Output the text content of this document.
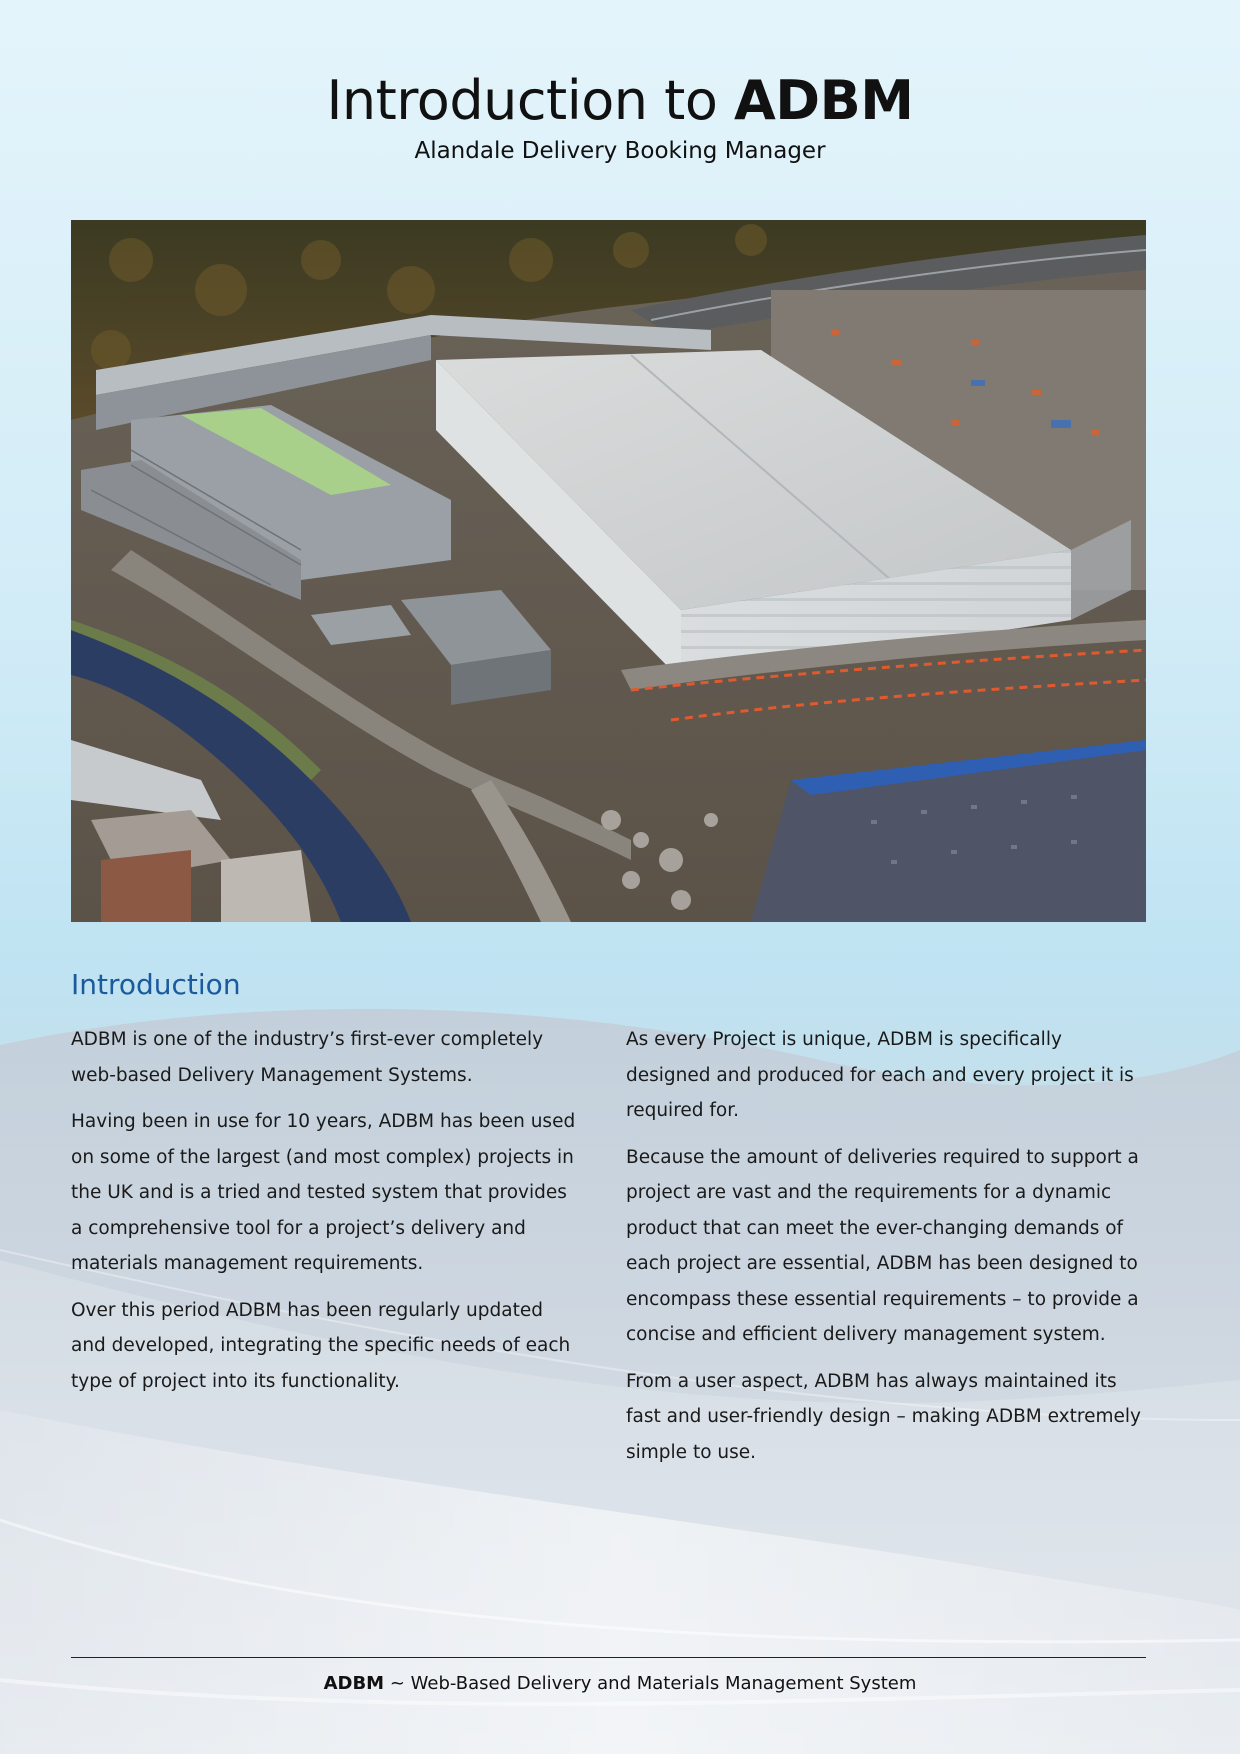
Introduction to ADBM
Alandale Delivery Booking Manager
Introduction

ADBM is one of the industry’s first-ever completely web-based Delivery Management Systems.

Having been in use for 10 years, ADBM has been used on some of the largest (and most complex) projects in the UK and is a tried and tested system that provides a comprehensive tool for a project’s delivery and materials management requirements.

Over this period ADBM has been regularly updated and developed, integrating the specific needs of each type of project into its functionality.

As every Project is unique, ADBM is specifically designed and produced for each and every project it is required for.

Because the amount of deliveries required to support a project are vast and the requirements for a dynamic product that can meet the ever-changing demands of each project are essential, ADBM has been designed to encompass these essential requirements – to provide a concise and efficient delivery management system.

From a user aspect, ADBM has always maintained its fast and user-friendly design – making ADBM extremely simple to use.

ADBM ~ Web-Based Delivery and Materials Management System
